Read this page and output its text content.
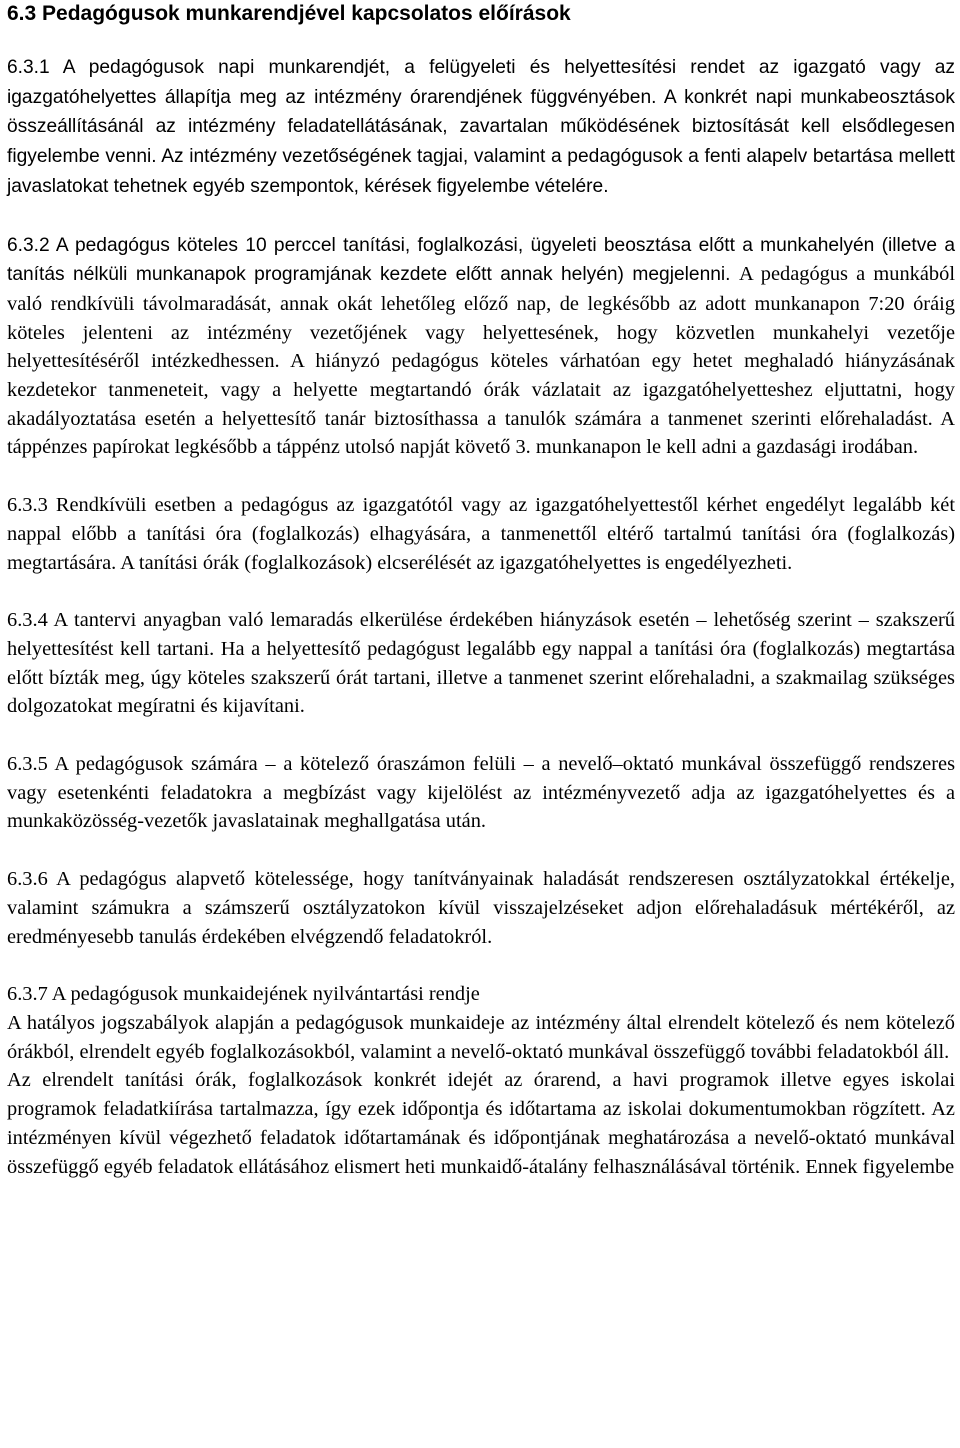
6.3 Pedagógusok munkarendjével kapcsolatos előírások

6.3.1 A pedagógusok napi munkarendjét, a felügyeleti és helyettesítési rendet az igazgató vagy az igazgatóhelyettes állapítja meg az intézmény órarendjének függvényében. A konkrét napi munkabeosztások összeállításánál az intézmény feladatellátásának, zavartalan működésének biztosítását kell elsődlegesen figyelembe venni. Az intézmény vezetőségének tagjai, valamint a pedagógusok a fenti alapelv betartása mellett javaslatokat tehetnek egyéb szempontok, kérések figyelembe vételére.

6.3.2 A pedagógus köteles 10 perccel tanítási, foglalkozási, ügyeleti beosztása előtt a munkahelyén (illetve a tanítás nélküli munkanapok programjának kezdete előtt annak helyén) megjelenni. A pedagógus a munkából való rendkívüli távolmaradását, annak okát lehetőleg előző nap, de legkésőbb az adott munkanapon 7:20 óráig köteles jelenteni az intézmény vezetőjének vagy helyettesének, hogy közvetlen munkahelyi vezetője helyettesítéséről intézkedhessen. A hiányzó pedagógus köteles várhatóan egy hetet meghaladó hiányzásának kezdetekor tanmeneteit, vagy a helyette megtartandó órák vázlatait az igazgatóhelyetteshez eljuttatni, hogy akadályoztatása esetén a helyettesítő tanár biztosíthassa a tanulók számára a tanmenet szerinti előrehaladást. A táppénzes papírokat legkésőbb a táppénz utolsó napját követő 3. munkanapon le kell adni a gazdasági irodában.

6.3.3 Rendkívüli esetben a pedagógus az igazgatótól vagy az igazgatóhelyettestől kérhet engedélyt legalább két nappal előbb a tanítási óra (foglalkozás) elhagyására, a tanmenettől eltérő tartalmú tanítási óra (foglalkozás) megtartására. A tanítási órák (foglalkozások) elcserélését az igazgatóhelyettes is engedélyezheti.

6.3.4 A tantervi anyagban való lemaradás elkerülése érdekében hiányzások esetén – lehetőség szerint – szakszerű helyettesítést kell tartani. Ha a helyettesítő pedagógust legalább egy nappal a tanítási óra (foglalkozás) megtartása előtt bízták meg, úgy köteles szakszerű órát tartani, illetve a tanmenet szerint előrehaladni, a szakmailag szükséges dolgozatokat megíratni és kijavítani.

6.3.5 A pedagógusok számára – a kötelező óraszámon felüli – a nevelő–oktató munkával összefüggő rendszeres vagy esetenkénti feladatokra a megbízást vagy kijelölést az intézményvezető adja az igazgatóhelyettes és a munkaközösség-vezetők javaslatainak meghallgatása után.

6.3.6 A pedagógus alapvető kötelessége, hogy tanítványainak haladását rendszeresen osztályzatokkal értékelje, valamint számukra a számszerű osztályzatokon kívül visszajelzéseket adjon előrehaladásuk mértékéről, az eredményesebb tanulás érdekében elvégzendő feladatokról.

6.3.7 A pedagógusok munkaidejének nyilvántartási rendje

A hatályos jogszabályok alapján a pedagógusok munkaideje az intézmény által elrendelt kötelező és nem kötelező órákból, elrendelt egyéb foglalkozásokból, valamint a nevelő-oktató munkával összefüggő további feladatokból áll.

Az elrendelt tanítási órák, foglalkozások konkrét idejét az órarend, a havi programok illetve egyes iskolai programok feladatkiírása tartalmazza, így ezek időpontja és időtartama az iskolai dokumentumokban rögzített. Az intézményen kívül végezhető feladatok időtartamának és időpontjának meghatározása a nevelő-oktató munkával összefüggő egyéb feladatok ellátásához elismert heti munkaidő-átalány felhasználásával történik. Ennek figyelembe
